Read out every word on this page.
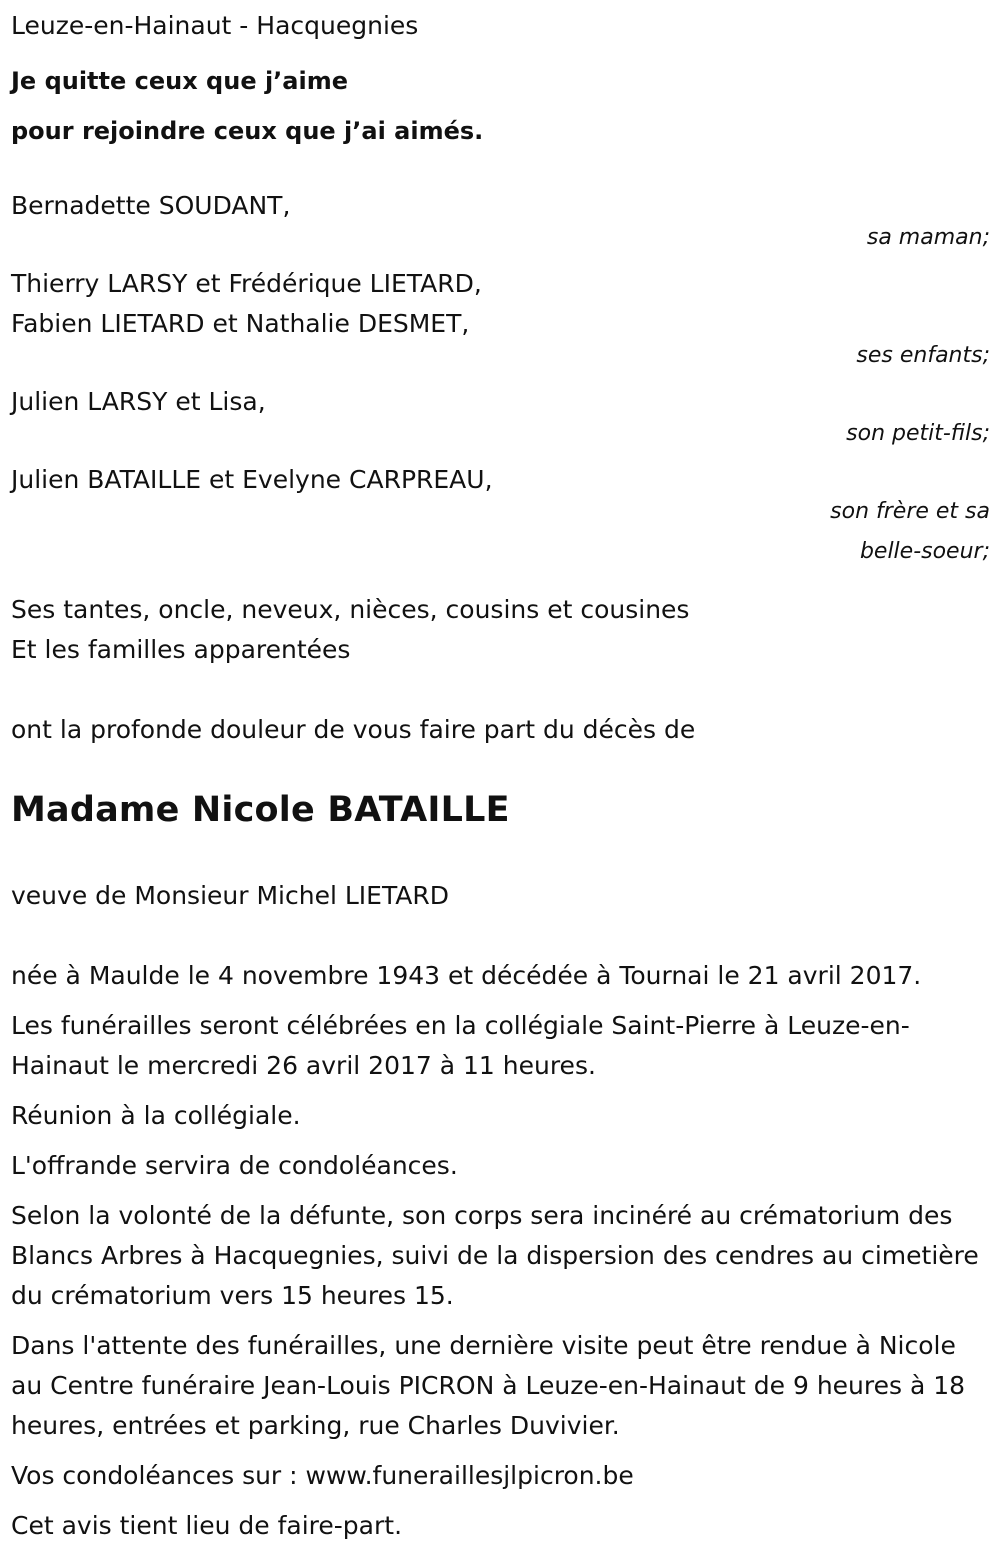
Leuze-en-Hainaut - Hacquegnies
Je quitte ceux que j’aime
pour rejoindre ceux que j’ai aimés.
Bernadette SOUDANT,
sa maman;
Thierry LARSY et Frédérique LIETARD,
Fabien LIETARD et Nathalie DESMET,
ses enfants;
Julien LARSY et Lisa,
son petit-fils;
Julien BATAILLE et Evelyne CARPREAU,
son frère et sa
belle-soeur;
Ses tantes, oncle, neveux, nièces, cousins et cousines
Et les familles apparentées
ont la profonde douleur de vous faire part du décès de
Madame Nicole BATAILLE
veuve de Monsieur Michel LIETARD
née à Maulde le 4 novembre 1943 et décédée à Tournai le 21 avril 2017.
Les funérailles seront célébrées en la collégiale Saint-Pierre à Leuze-en-Hainaut le mercredi 26 avril 2017 à 11 heures.
Réunion à la collégiale.
L'offrande servira de condoléances.
Selon la volonté de la défunte, son corps sera incinéré au crématorium des Blancs Arbres à Hacquegnies, suivi de la dispersion des cendres au cimetière du crématorium vers 15 heures 15.
Dans l'attente des funérailles, une dernière visite peut être rendue à Nicole au Centre funéraire Jean-Louis PICRON à Leuze-en-Hainaut de 9 heures à 18 heures, entrées et parking, rue Charles Duvivier.
Vos condoléances sur : www.funeraillesjlpicron.be
Cet avis tient lieu de faire-part.
